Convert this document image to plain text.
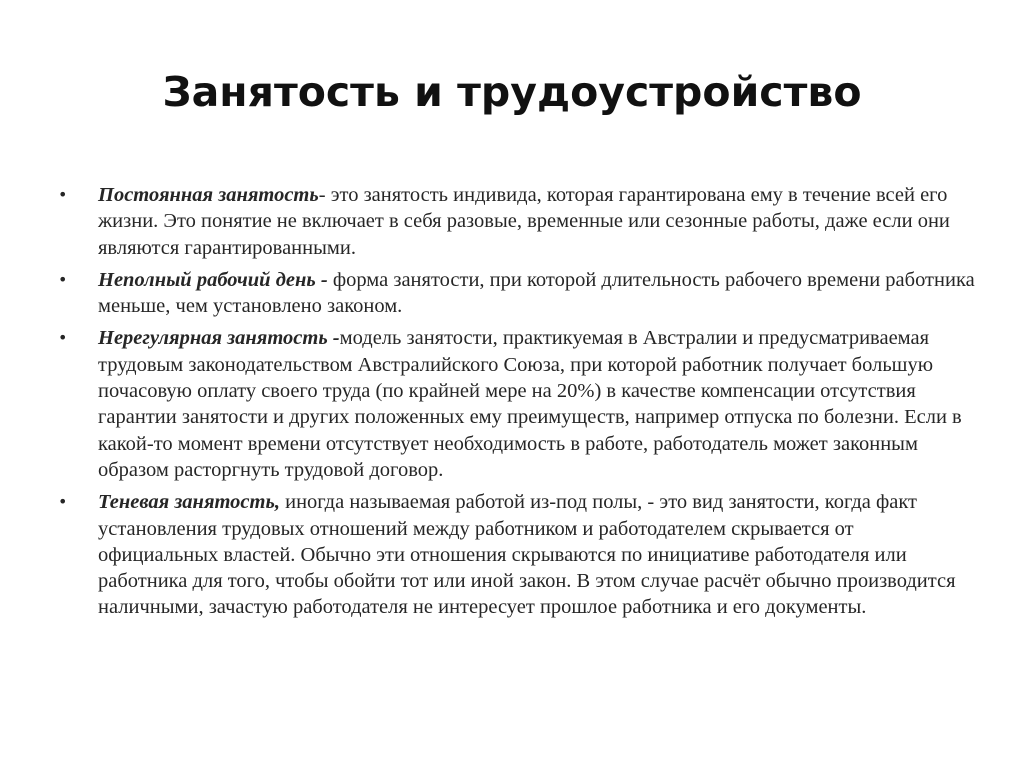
Занятость и трудоустройство
• Постоянная занятость- это занятость индивида, которая гарантирована ему в течение всей его жизни. Это понятие не включает в себя разовые, временные или сезонные работы, даже если они являются гарантированными.
• Неполный рабочий день - форма занятости, при которой длительность рабочего времени работника меньше, чем установлено законом.
• Нерегулярная занятость -модель занятости, практикуемая в Австралии и предусматриваемая трудовым законодательством Австралийского Союза, при которой работник получает большую почасовую оплату своего труда (по крайней мере на 20%) в качестве компенсации отсутствия гарантии занятости и других положенных ему преимуществ, например отпуска по болезни. Если в какой-то момент времени отсутствует необходимость в работе, работодатель может законным образом расторгнуть трудовой договор.
• Теневая занятость, иногда называемая работой из-под полы, - это вид занятости, когда факт установления трудовых отношений между работником и работодателем скрывается от официальных властей. Обычно эти отношения скрываются по инициативе работодателя или работника для того, чтобы обойти тот или иной закон. В этом случае расчёт обычно производится наличными, зачастую работодателя не интересует прошлое работника и его документы.
